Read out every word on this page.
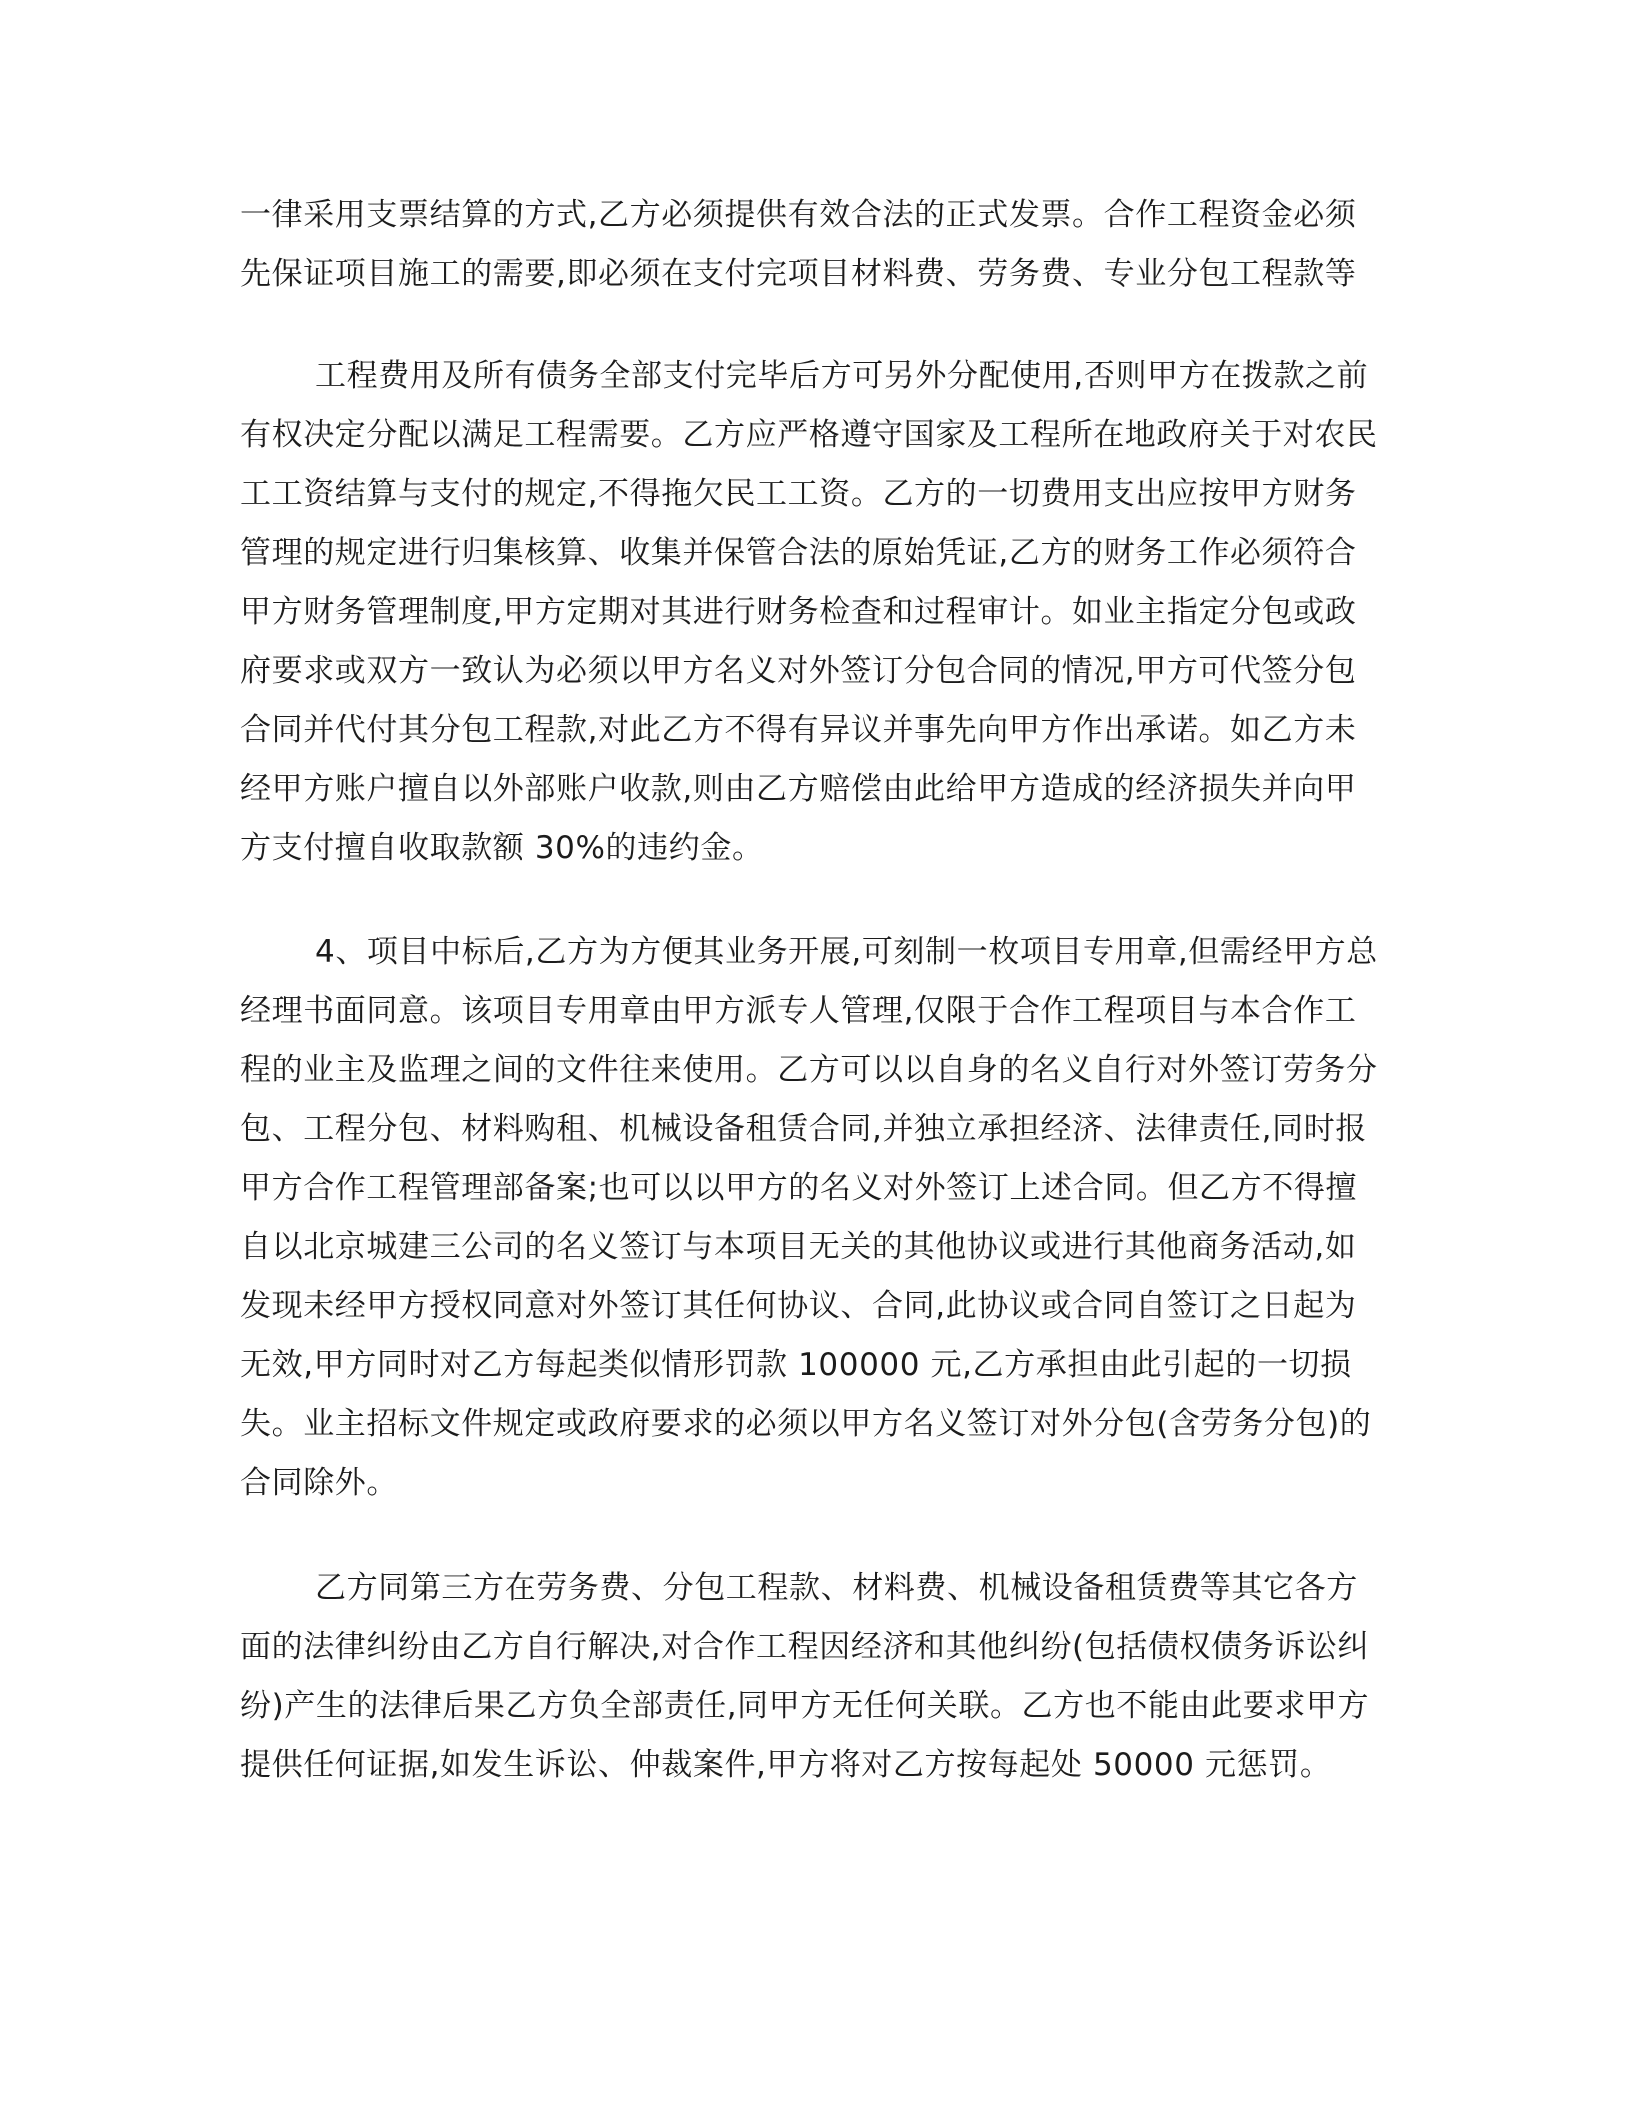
一律采用支票结算的方式,乙方必须提供有效合法的正式发票。合作工程资金必须
先保证项目施工的需要,即必须在支付完项目材料费、劳务费、专业分包工程款等
工程费用及所有债务全部支付完毕后方可另外分配使用,否则甲方在拨款之前
有权决定分配以满足工程需要。乙方应严格遵守国家及工程所在地政府关于对农民
工工资结算与支付的规定,不得拖欠民工工资。乙方的一切费用支出应按甲方财务
管理的规定进行归集核算、收集并保管合法的原始凭证,乙方的财务工作必须符合
甲方财务管理制度,甲方定期对其进行财务检查和过程审计。如业主指定分包或政
府要求或双方一致认为必须以甲方名义对外签订分包合同的情况,甲方可代签分包
合同并代付其分包工程款,对此乙方不得有异议并事先向甲方作出承诺。如乙方未
经甲方账户擅自以外部账户收款,则由乙方赔偿由此给甲方造成的经济损失并向甲
方支付擅自收取款额 30%的违约金。
4、项目中标后,乙方为方便其业务开展,可刻制一枚项目专用章,但需经甲方总
经理书面同意。该项目专用章由甲方派专人管理,仅限于合作工程项目与本合作工
程的业主及监理之间的文件往来使用。乙方可以以自身的名义自行对外签订劳务分
包、工程分包、材料购租、机械设备租赁合同,并独立承担经济、法律责任,同时报
甲方合作工程管理部备案;也可以以甲方的名义对外签订上述合同。但乙方不得擅
自以北京城建三公司的名义签订与本项目无关的其他协议或进行其他商务活动,如
发现未经甲方授权同意对外签订其任何协议、合同,此协议或合同自签订之日起为
无效,甲方同时对乙方每起类似情形罚款 100000 元,乙方承担由此引起的一切损
失。业主招标文件规定或政府要求的必须以甲方名义签订对外分包(含劳务分包)的
合同除外。
乙方同第三方在劳务费、分包工程款、材料费、机械设备租赁费等其它各方
面的法律纠纷由乙方自行解决,对合作工程因经济和其他纠纷(包括债权债务诉讼纠
纷)产生的法律后果乙方负全部责任,同甲方无任何关联。乙方也不能由此要求甲方
提供任何证据,如发生诉讼、仲裁案件,甲方将对乙方按每起处 50000 元惩罚。
